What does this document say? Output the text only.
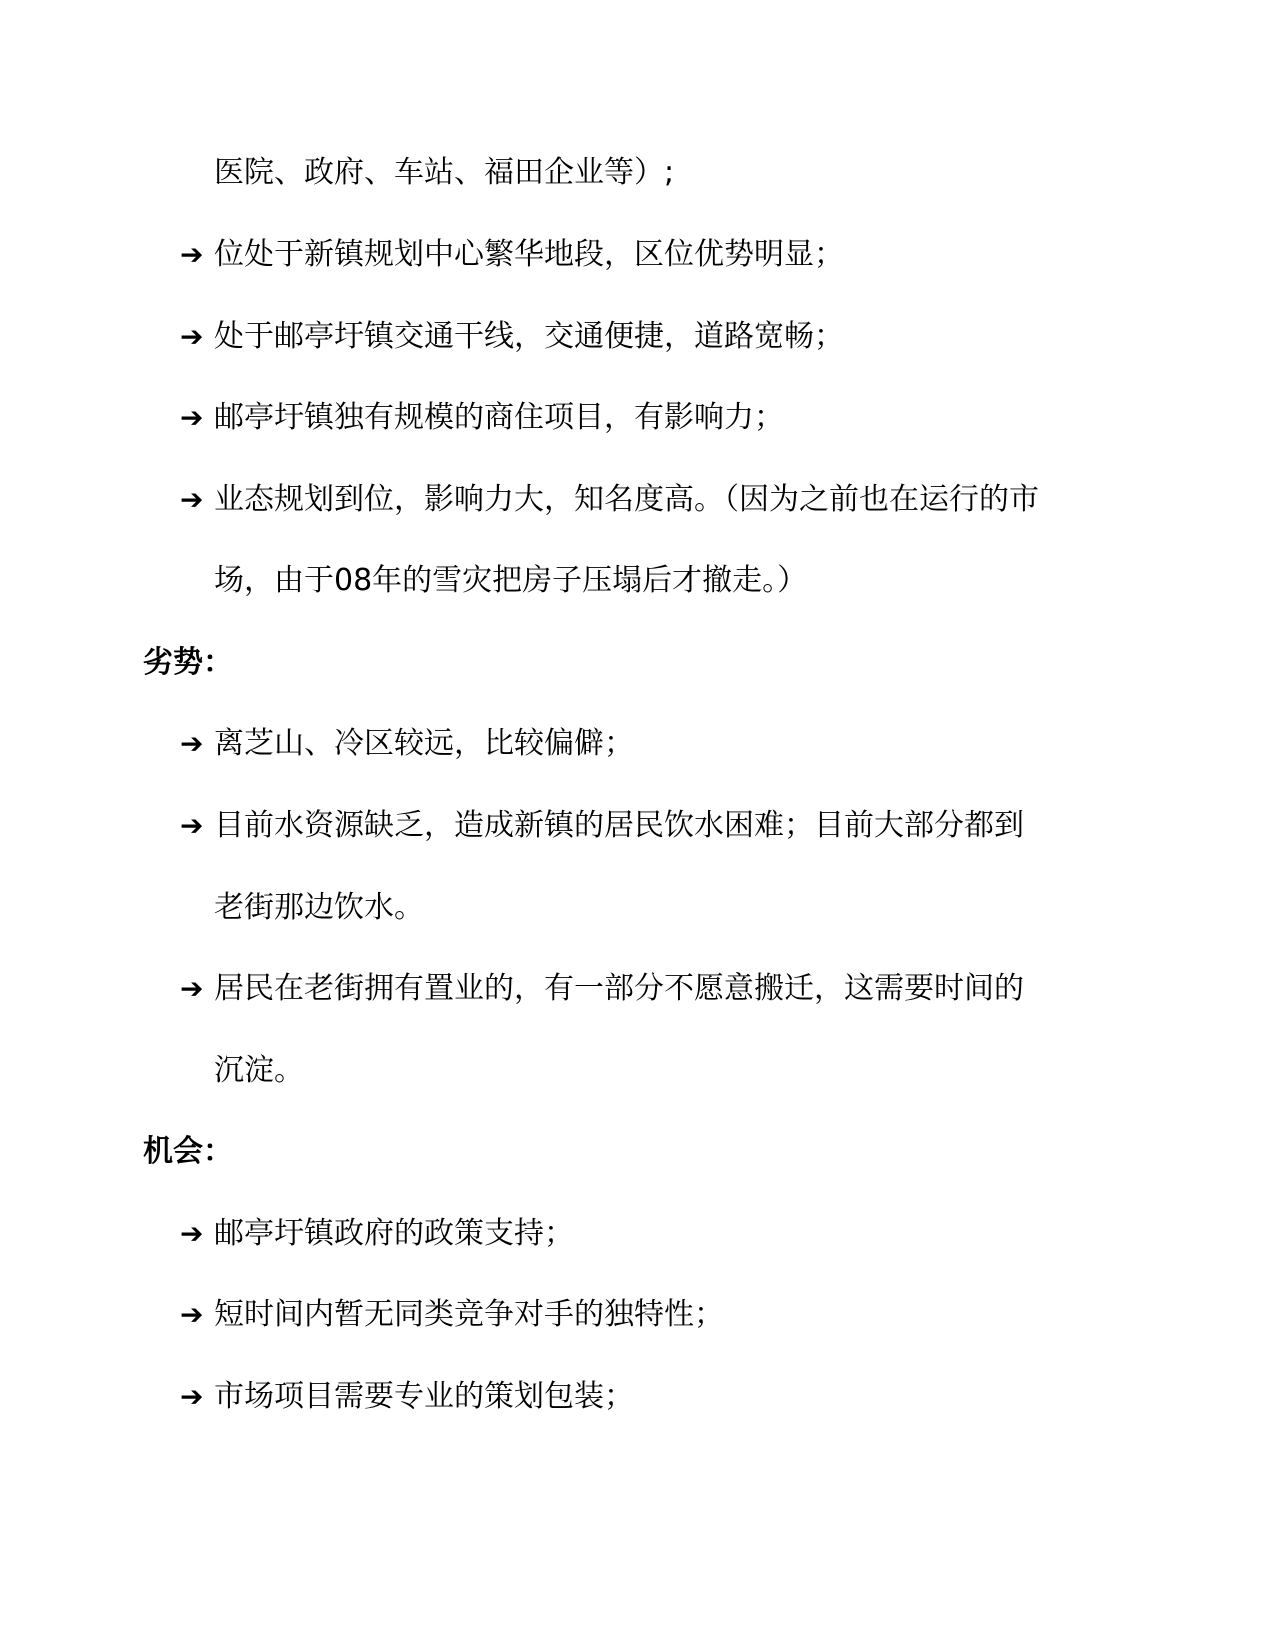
医院、政府、车站、福田企业等）;
➔ 位处于新镇规划中心繁华地段，区位优势明显；
➔ 处于邮亭圩镇交通干线，交通便捷，道路宽畅；
➔ 邮亭圩镇独有规模的商住项目，有影响力；
➔ 业态规划到位，影响力大，知名度高。（因为之前也在运行的市
场，由于08年的雪灾把房子压塌后才撤走。）
劣势：
➔ 离芝山、冷区较远，比较偏僻；
➔ 目前水资源缺乏，造成新镇的居民饮水困难；目前大部分都到
老街那边饮水。
➔ 居民在老街拥有置业的，有一部分不愿意搬迁，这需要时间的
沉淀。
机会：
➔ 邮亭圩镇政府的政策支持；
➔ 短时间内暂无同类竞争对手的独特性；
➔ 市场项目需要专业的策划包装；
